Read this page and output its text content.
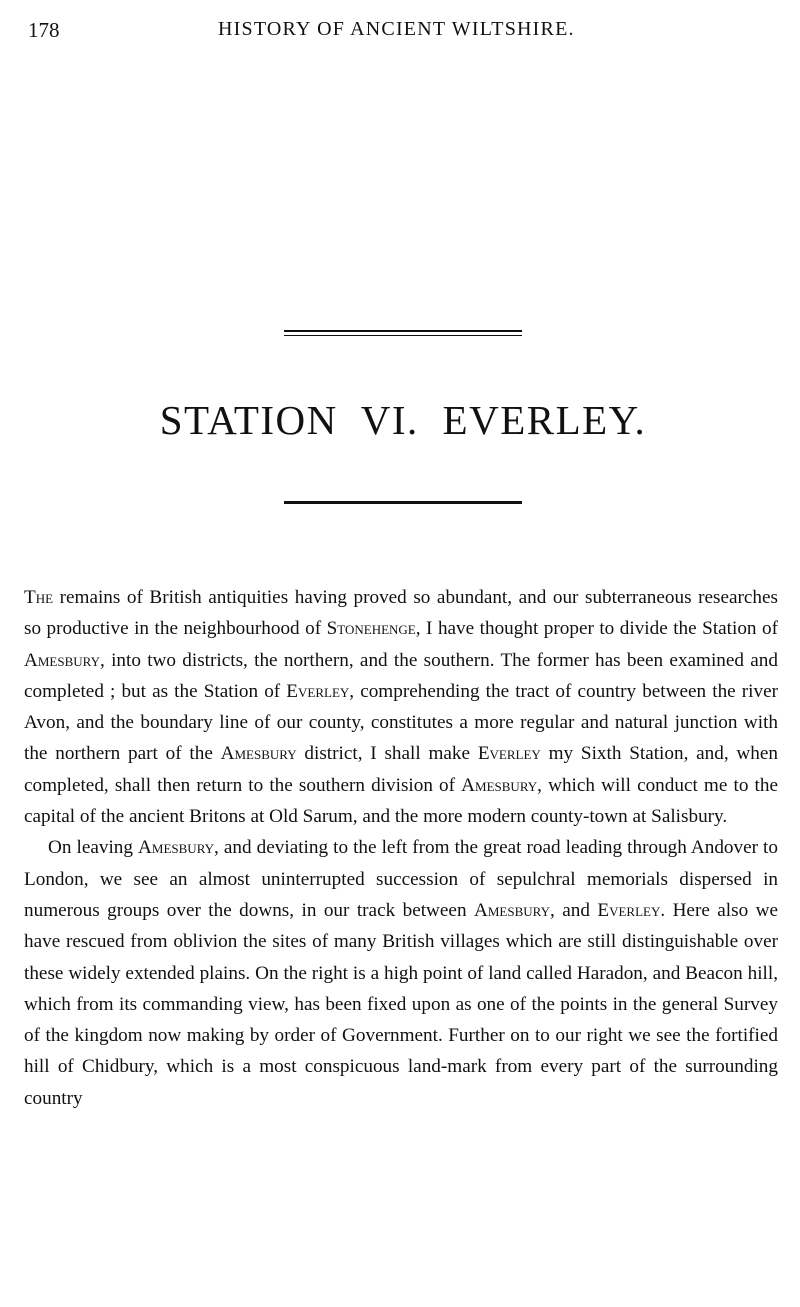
178	HISTORY OF ANCIENT WILTSHIRE.
STATION VI. EVERLEY.

The remains of British antiquities having proved so abundant, and our subterraneous researches so productive in the neighbourhood of Stonehenge, I have thought proper to divide the Station of Amesbury, into two districts, the northern, and the southern. The former has been examined and completed ; but as the Station of Everley, comprehending the tract of country between the river Avon, and the boundary line of our county, constitutes a more regular and natural junction with the northern part of the Amesbury district, I shall make Everley my Sixth Station, and, when completed, shall then return to the southern division of Amesbury, which will conduct me to the capital of the ancient Britons at Old Sarum, and the more modern county-town at Salisbury.

On leaving Amesbury, and deviating to the left from the great road leading through Andover to London, we see an almost uninterrupted succession of sepulchral memorials dispersed in numerous groups over the downs, in our track between Amesbury, and Everley. Here also we have rescued from oblivion the sites of many British villages which are still distinguishable over these widely extended plains. On the right is a high point of land called Haradon, and Beacon hill, which from its commanding view, has been fixed upon as one of the points in the general Survey of the kingdom now making by order of Government. Further on to our right we see the fortified hill of Chidbury, which is a most conspicuous land-mark from every part of the surrounding country
